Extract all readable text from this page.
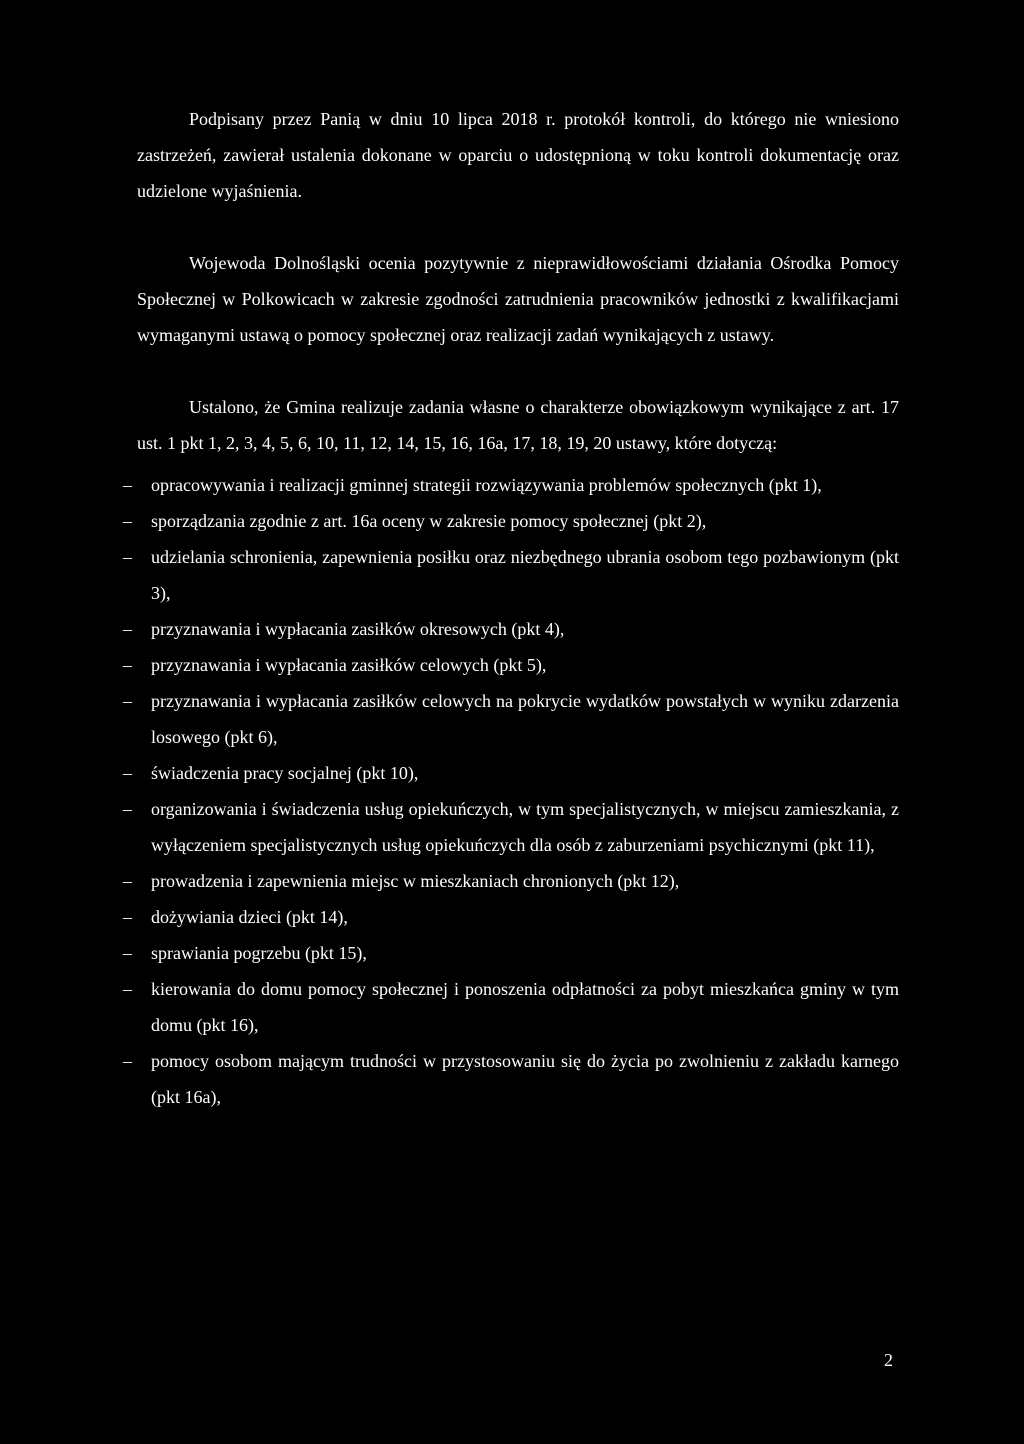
Podpisany przez Panią w dniu 10 lipca 2018 r. protokół kontroli, do którego nie wniesiono zastrzeżeń, zawierał ustalenia dokonane w oparciu o udostępnioną w toku kontroli dokumentację oraz udzielone wyjaśnienia.

Wojewoda Dolnośląski ocenia pozytywnie z nieprawidłowościami działania Ośrodka Pomocy Społecznej w Polkowicach w zakresie zgodności zatrudnienia pracowników jednostki z kwalifikacjami wymaganymi ustawą o pomocy społecznej oraz realizacji zadań wynikających z ustawy.

Ustalono, że Gmina realizuje zadania własne o charakterze obowiązkowym wynikające z art. 17 ust. 1 pkt 1, 2, 3, 4, 5, 6, 10, 11, 12, 14, 15, 16, 16a, 17, 18, 19, 20 ustawy, które dotyczą:

– opracowywania i realizacji gminnej strategii rozwiązywania problemów społecznych (pkt 1),
– sporządzania zgodnie z art. 16a oceny w zakresie pomocy społecznej (pkt 2),
– udzielania schronienia, zapewnienia posiłku oraz niezbędnego ubrania osobom tego pozbawionym (pkt 3),
– przyznawania i wypłacania zasiłków okresowych (pkt 4),
– przyznawania i wypłacania zasiłków celowych (pkt 5),
– przyznawania i wypłacania zasiłków celowych na pokrycie wydatków powstałych w wyniku zdarzenia losowego (pkt 6),
– świadczenia pracy socjalnej (pkt 10),
– organizowania i świadczenia usług opiekuńczych, w tym specjalistycznych, w miejscu zamieszkania, z wyłączeniem specjalistycznych usług opiekuńczych dla osób z zaburzeniami psychicznymi (pkt 11),
– prowadzenia i zapewnienia miejsc w mieszkaniach chronionych (pkt 12),
– dożywiania dzieci (pkt 14),
– sprawiania pogrzebu (pkt 15),
– kierowania do domu pomocy społecznej i ponoszenia odpłatności za pobyt mieszkańca gminy w tym domu (pkt 16),
– pomocy osobom mającym trudności w przystosowaniu się do życia po zwolnieniu z zakładu karnego (pkt 16a),
2
